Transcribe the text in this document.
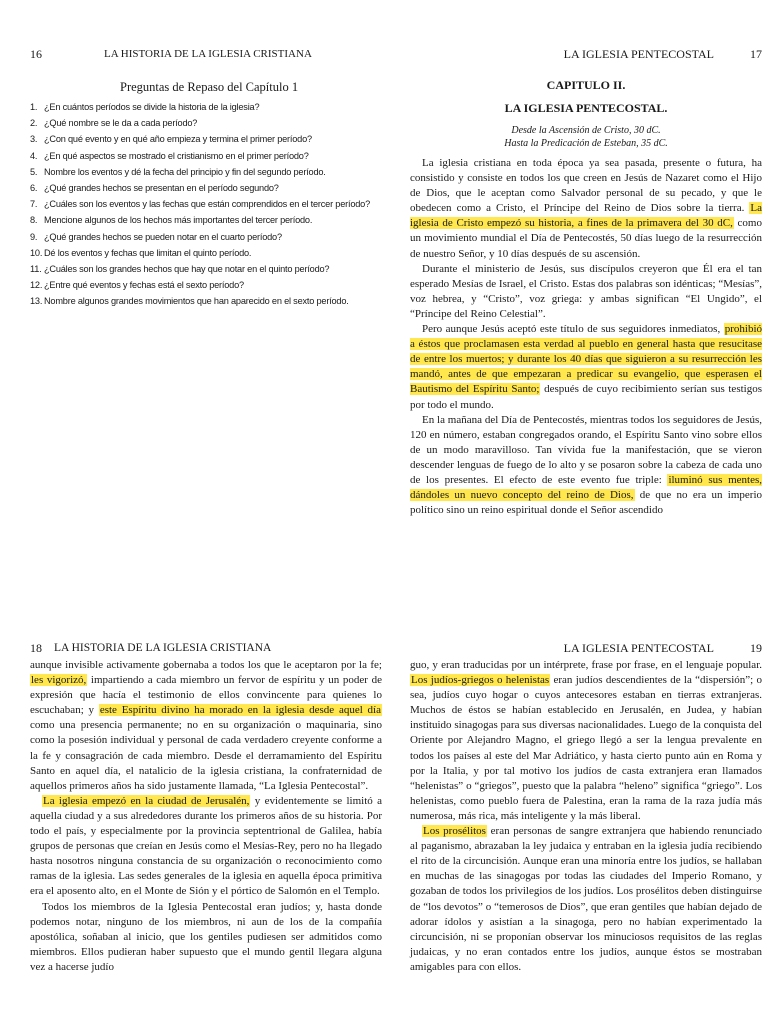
16	LA HISTORIA DE LA IGLESIA CRISTIANA
Preguntas de Repaso del Capítulo 1
1. ¿En cuántos períodos se divide la historia de la iglesia?
2. ¿Qué nombre se le da a cada período?
3. ¿Con qué evento y en qué año empieza y termina el primer período?
4. ¿En qué aspectos se mostrado el cristianismo en el primer período?
5. Nombre los eventos y dé la fecha del principio y fin del segundo período.
6. ¿Qué grandes hechos se presentan en el período segundo?
7. ¿Cuáles son los eventos y las fechas que están comprendidos en el tercer período?
8. Mencione algunos de los hechos más importantes del tercer período.
9. ¿Qué grandes hechos se pueden notar en el cuarto período?
10. Dé los eventos y fechas que limitan el quinto período.
11. ¿Cuáles son los grandes hechos que hay que notar en el quinto período?
12. ¿Entre qué eventos y fechas está el sexto período?
13. Nombre algunos grandes movimientos que han aparecido en el sexto período.
LA IGLESIA PENTECOSTAL	17
CAPITULO II.
LA IGLESIA PENTECOSTAL.
Desde la Ascensión de Cristo, 30 dC.
Hasta la Predicación de Esteban, 35 dC.

La iglesia cristiana en toda época ya sea pasada, presente o futura, ha consistido y consiste en todos los que creen en Jesús de Nazaret como el Hijo de Dios, que le aceptan como Salvador personal de su pecado, y que le obedecen como a Cristo, el Príncipe del Reino de Dios sobre la tierra. La iglesia de Cristo empezó su historia, a fines de la primavera del 30 dC, como un movimiento mundial el Día de Pentecostés, 50 días luego de la resurrección de nuestro Señor, y 10 días después de su ascensión.

Durante el ministerio de Jesús, sus discípulos creyeron que Él era el tan esperado Mesías de Israel, el Cristo. Estas dos palabras son idénticas; “Mesías”, voz hebrea, y “Cristo”, voz griega: y ambas significan “El Ungido”, el “Príncipe del Reino Celestial”.

Pero aunque Jesús aceptó este título de sus seguidores inmediatos, prohibió a éstos que proclamasen esta verdad al pueblo en general hasta que resucitase de entre los muertos; y durante los 40 días que siguieron a su resurrección les mandó, antes de que empezaran a predicar su evangelio, que esperasen el Bautismo del Espíritu Santo; después de cuyo recibimiento serían sus testigos por todo el mundo.

En la mañana del Día de Pentecostés, mientras todos los seguidores de Jesús, 120 en número, estaban congregados orando, el Espíritu Santo vino sobre ellos de un modo maravilloso. Tan vívida fue la manifestación, que se vieron descender lenguas de fuego de lo alto y se posaron sobre la cabeza de cada uno de los presentes. El efecto de este evento fue triple: iluminó sus mentes, dándoles un nuevo concepto del reino de Dios, de que no era un imperio político sino un reino espiritual donde el Señor ascendido

18 LA HISTORIA DE LA IGLESIA CRISTIANA

aunque invisible activamente gobernaba a todos los que le aceptaron por la fe; les vigorizó, impartiendo a cada miembro un fervor de espíritu y un poder de expresión que hacía el testimonio de ellos convincente para quienes lo escuchaban; y este Espíritu divino ha morado en la iglesia desde aquel día como una presencia permanente; no en su organización o maquinaria, sino como la posesión individual y personal de cada verdadero creyente conforme a la fe y consagración de cada miembro. Desde el derramamiento del Espíritu Santo en aquel día, el natalicio de la iglesia cristiana, la confraternidad de aquellos primeros años ha sido justamente llamada, “La Iglesia Pentecostal”.

La iglesia empezó en la ciudad de Jerusalén, y evidentemente se limitó a aquella ciudad y a sus alrededores durante los primeros años de su historia. Por todo el país, y especialmente por la provincia septentrional de Galilea, había grupos de personas que creían en Jesús como el Mesías-Rey, pero no ha llegado hasta nosotros ninguna constancia de su organización o reconocimiento como ramas de la iglesia. Las sedes generales de la iglesia en aquella época primitiva era el aposento alto, en el Monte de Sión y el pórtico de Salomón en el Templo.

Todos los miembros de la Iglesia Pentecostal eran judíos; y, hasta donde podemos notar, ninguno de los miembros, ni aun de los de la compañía apostólica, soñaban al inicio, que los gentiles pudiesen ser admitidos como miembros. Ellos pudieran haber supuesto que el mundo gentil llegara alguna vez a hacerse judío

LA IGLESIA PENTECOSTAL	19

guo, y eran traducidas por un intérprete, frase por frase, en el lenguaje popular. Los judíos-griegos o helenistas eran judíos descendientes de la “dispersión”; o sea, judíos cuyo hogar o cuyos antecesores estaban en tierras extranjeras. Muchos de éstos se habían establecido en Jerusalén, en Judea, y habían instituido sinagogas para sus diversas nacionalidades. Luego de la conquista del Oriente por Alejandro Magno, el griego llegó a ser la lengua prevalente en todos los países al este del Mar Adriático, y hasta cierto punto aún en Roma y por la Italia, y por tal motivo los judíos de casta extranjera eran llamados “helenistas” o “griegos”, puesto que la palabra “heleno” significa “griego”. Los helenistas, como pueblo fuera de Palestina, eran la rama de la raza judía más numerosa, más rica, más inteligente y la más liberal.

Los prosélitos eran personas de sangre extranjera que habiendo renunciado al paganismo, abrazaban la ley judaica y entraban en la iglesia judía recibiendo el rito de la circuncisión. Aunque eran una minoría entre los judíos, se hallaban en muchas de las sinagogas por todas las ciudades del Imperio Romano, y gozaban de todos los privilegios de los judíos. Los prosélitos deben distinguirse de “los devotos” o “temerosos de Dios”, que eran gentiles que habían dejado de adorar ídolos y asistían a la sinagoga, pero no habían experimentado la circuncisión, ni se proponían observar los minuciosos requisitos de las reglas judaicas, y no eran contados entre los judíos, aunque éstos se mostraban amigables para con ellos.
